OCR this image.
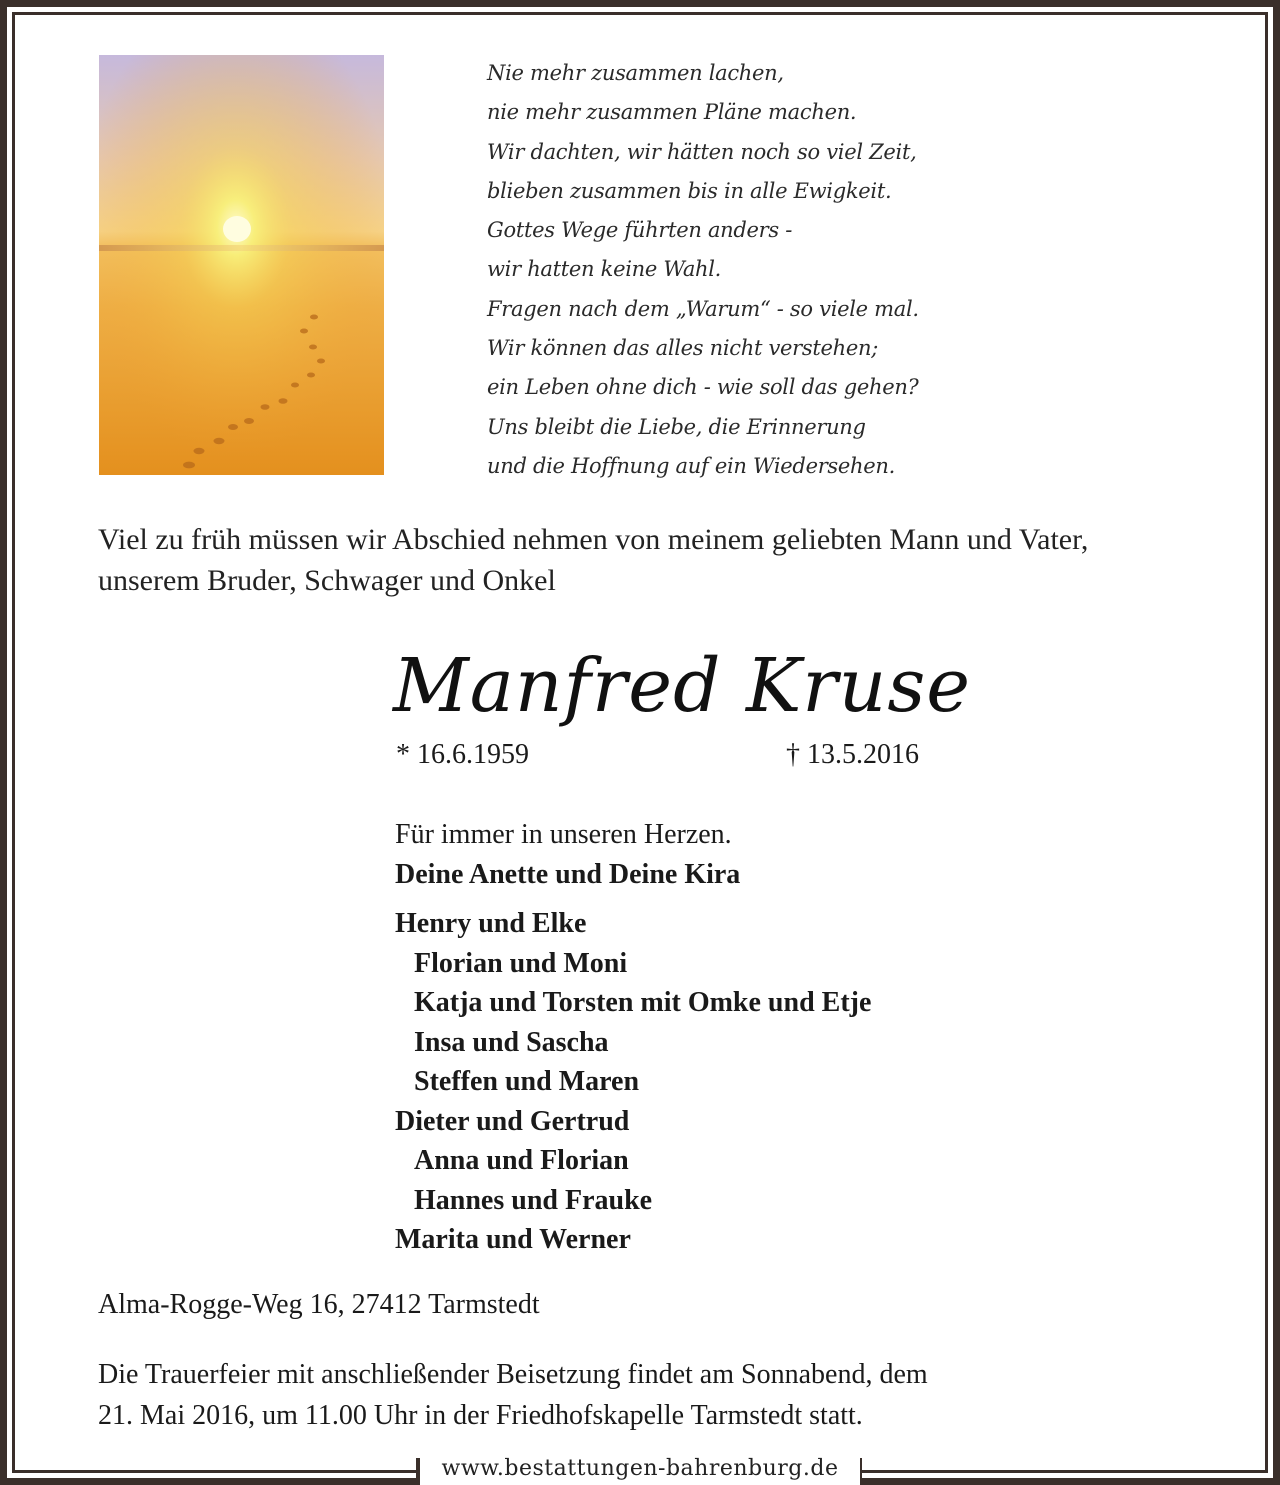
Nie mehr zusammen lachen,
nie mehr zusammen Pläne machen.
Wir dachten, wir hätten noch so viel Zeit,
blieben zusammen bis in alle Ewigkeit.
Gottes Wege führten anders -
wir hatten keine Wahl.
Fragen nach dem „Warum“ - so viele mal.
Wir können das alles nicht verstehen;
ein Leben ohne dich - wie soll das gehen?
Uns bleibt die Liebe, die Erinnerung
und die Hoffnung auf ein Wiedersehen.
Viel zu früh müssen wir Abschied nehmen von meinem geliebten Mann und Vater,
unserem Bruder, Schwager und Onkel
Manfred Kruse
* 16.6.1959	† 13.5.2016
Für immer in unseren Herzen.
Deine Anette und Deine Kira
Henry und Elke
Florian und Moni
Katja und Torsten mit Omke und Etje
Insa und Sascha
Steffen und Maren
Dieter und Gertrud
Anna und Florian
Hannes und Frauke
Marita und Werner
Alma-Rogge-Weg 16, 27412 Tarmstedt
Die Trauerfeier mit anschließender Beisetzung findet am Sonnabend, dem
21. Mai 2016, um 11.00 Uhr in der Friedhofskapelle Tarmstedt statt.
www.bestattungen-bahrenburg.de
